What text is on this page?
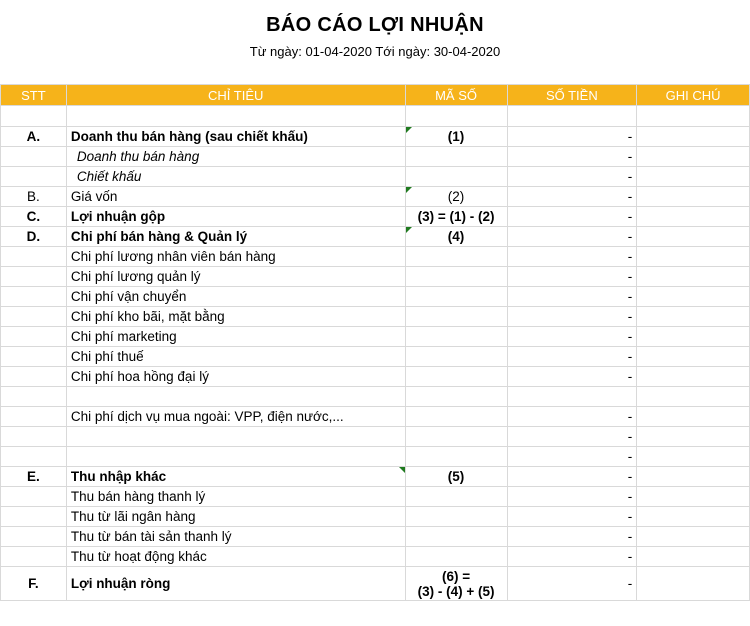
BÁO CÁO LỢI NHUẬN
Từ ngày: 01-04-2020 Tới ngày: 30-04-2020
STT	CHỈ TIÊU	MÃ SỐ	SỐ TIỀN	GHI CHÚ

A.	Doanh thu bán hàng (sau chiết khấu)	(1)	-	
	Doanh thu bán hàng		-	
	Chiết khấu		-	
B.	Giá vốn	(2)	-	
C.	Lợi nhuận gộp	(3) = (1) - (2)	-	
D.	Chi phí bán hàng & Quản lý	(4)	-	
	Chi phí lương nhân viên bán hàng		-	
	Chi phí lương quản lý		-	
	Chi phí vận chuyển		-	
	Chi phí kho bãi, mặt bằng		-	
	Chi phí marketing		-	
	Chi phí thuế		-	
	Chi phí hoa hồng đại lý		-	

	Chi phí dịch vụ mua ngoài: VPP, điện nước,...		-	
			-	
			-	
E.	Thu nhập khác	(5)	-	
	Thu bán hàng thanh lý		-	
	Thu từ lãi ngân hàng		-	
	Thu từ bán tài sản thanh lý		-	
	Thu từ hoạt động khác		-	
F.	Lợi nhuận ròng	(6) =
(3) - (4) + (5)	-	
